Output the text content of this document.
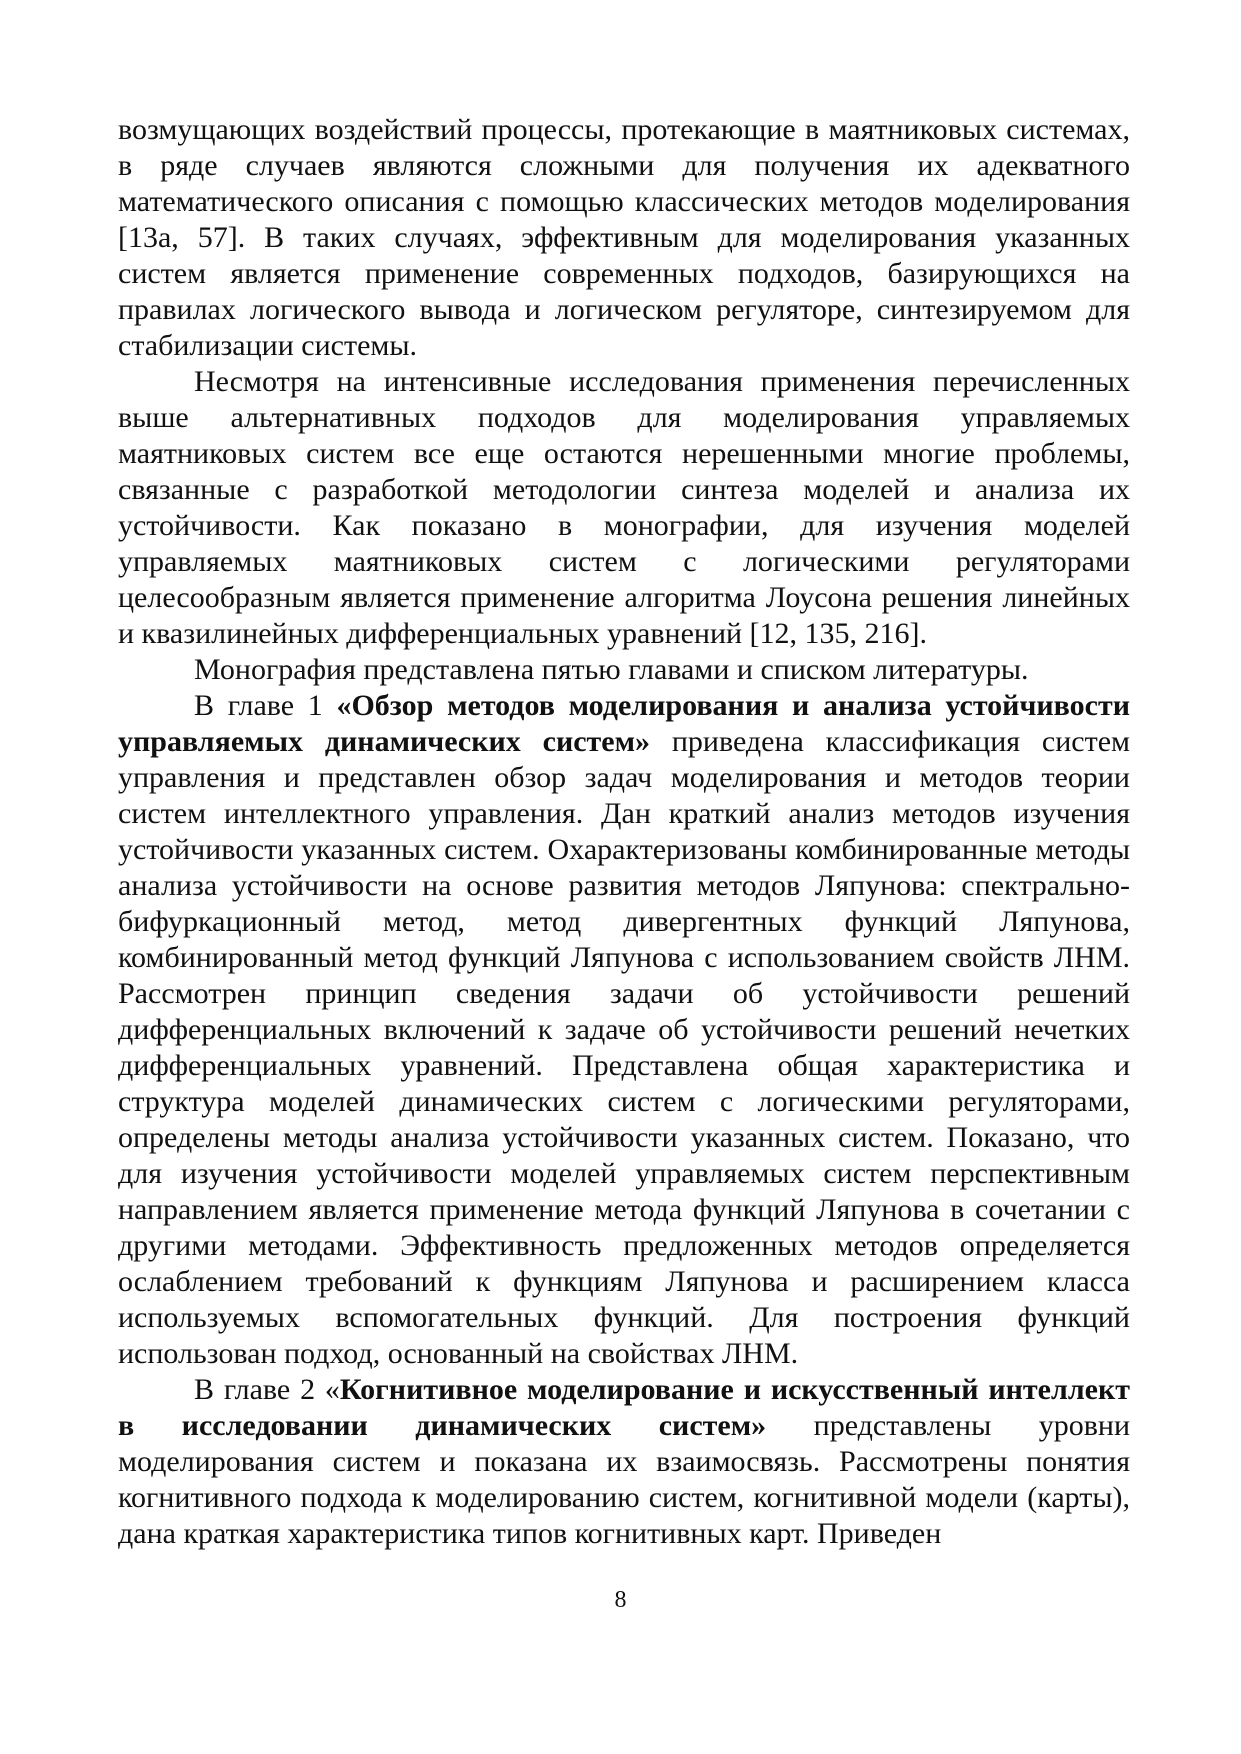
возмущающих воздействий процессы, протекающие в маятниковых системах, в ряде случаев являются сложными для получения их адекватного математического описания с помощью классических методов моделирования [13а, 57]. В таких случаях, эффективным для моделирования указанных систем является применение современных подходов, базирующихся на правилах логического вывода и логическом регуляторе, синтезируемом для стабилизации системы.

Несмотря на интенсивные исследования применения перечисленных выше альтернативных подходов для моделирования управляемых маятниковых систем все еще остаются нерешенными многие проблемы, связанные с разработкой методологии синтеза моделей и анализа их устойчивости. Как показано в монографии, для изучения моделей управляемых маятниковых систем с логическими регуляторами целесообразным является применение алгоритма Лоусона решения линейных и квазилинейных дифференциальных уравнений [12, 135, 216].

Монография представлена пятью главами и списком литературы.

В главе 1 «Обзор методов моделирования и анализа устойчивости управляемых динамических систем» приведена классификация систем управления и представлен обзор задач моделирования и методов теории систем интеллектного управления. Дан краткий анализ методов изучения устойчивости указанных систем. Охарактеризованы комбинированные методы анализа устойчивости на основе развития методов Ляпунова: спектрально-бифуркационный метод, метод дивергентных функций Ляпунова, комбинированный метод функций Ляпунова с использованием свойств ЛНМ. Рассмотрен принцип сведения задачи об устойчивости решений дифференциальных включений к задаче об устойчивости решений нечетких дифференциальных уравнений. Представлена общая характеристика и структура моделей динамических систем с логическими регуляторами, определены методы анализа устойчивости указанных систем. Показано, что для изучения устойчивости моделей управляемых систем перспективным направлением является применение метода функций Ляпунова в сочетании с другими методами. Эффективность предложенных методов определяется ослаблением требований к функциям Ляпунова и расширением класса используемых вспомогательных функций. Для построения функций использован подход, основанный на свойствах ЛНМ.

В главе 2 «Когнитивное моделирование и искусственный интеллект в исследовании динамических систем» представлены уровни моделирования систем и показана их взаимосвязь. Рассмотрены понятия когнитивного подхода к моделированию систем, когнитивной модели (карты), дана краткая характеристика типов когнитивных карт. Приведен

8
